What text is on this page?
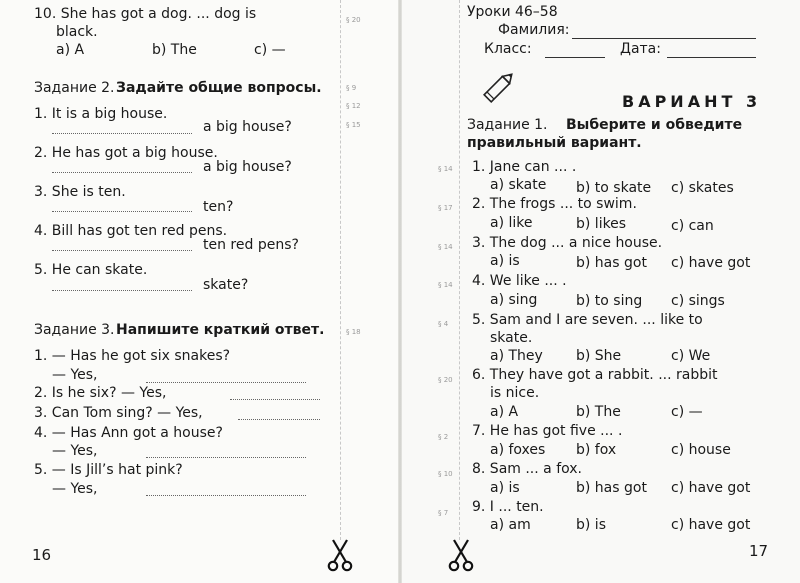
10. She has got a dog. ... dog is
black.
a) A	b) The	c) —
Задание 2. Задайте общие вопросы.
1. It is a big house.
a big house?
2. He has got a big house.
a big house?
3. She is ten.
ten?
4. Bill has got ten red pens.
ten red pens?
5. He can skate.
skate?
Задание 3. Напишите краткий ответ.
1. — Has he got six snakes?
— Yes,
2. Is he six? — Yes,
3. Can Tom sing? — Yes,
4. — Has Ann got a house?
— Yes,
5. — Is Jill’s hat pink?
— Yes,
16
§ 20
§ 9
§ 12
§ 15
§ 18
§ 14
§ 17
§ 14
§ 14
§ 4
§ 20
§ 2
§ 10
§ 7
Уроки 46–58
Фамилия:
Класс:	Дата:
ВАРИАНТ 3
Задание 1. Выберите и обведите
правильный вариант.
1. Jane can ... .
a) skate b) to skate c) skates
2. The frogs ... to swim.
a) like	b) likes	c) can
3. The dog ... a nice house.
a) is	b) has got c) have got
4. We like ... .
a) sing	b) to sing c) sings
5. Sam and I are seven. ... like to
skate.
a) They b) She	c) We
6. They have got a rabbit. ... rabbit
is nice.
a) A	b) The	c) —
7. He has got five ... .
a) foxes b) fox	c) house
8. Sam ... a fox.
a) is	b) has got c) have got
9. I ... ten.
a) am	b) is	c) have got
17
